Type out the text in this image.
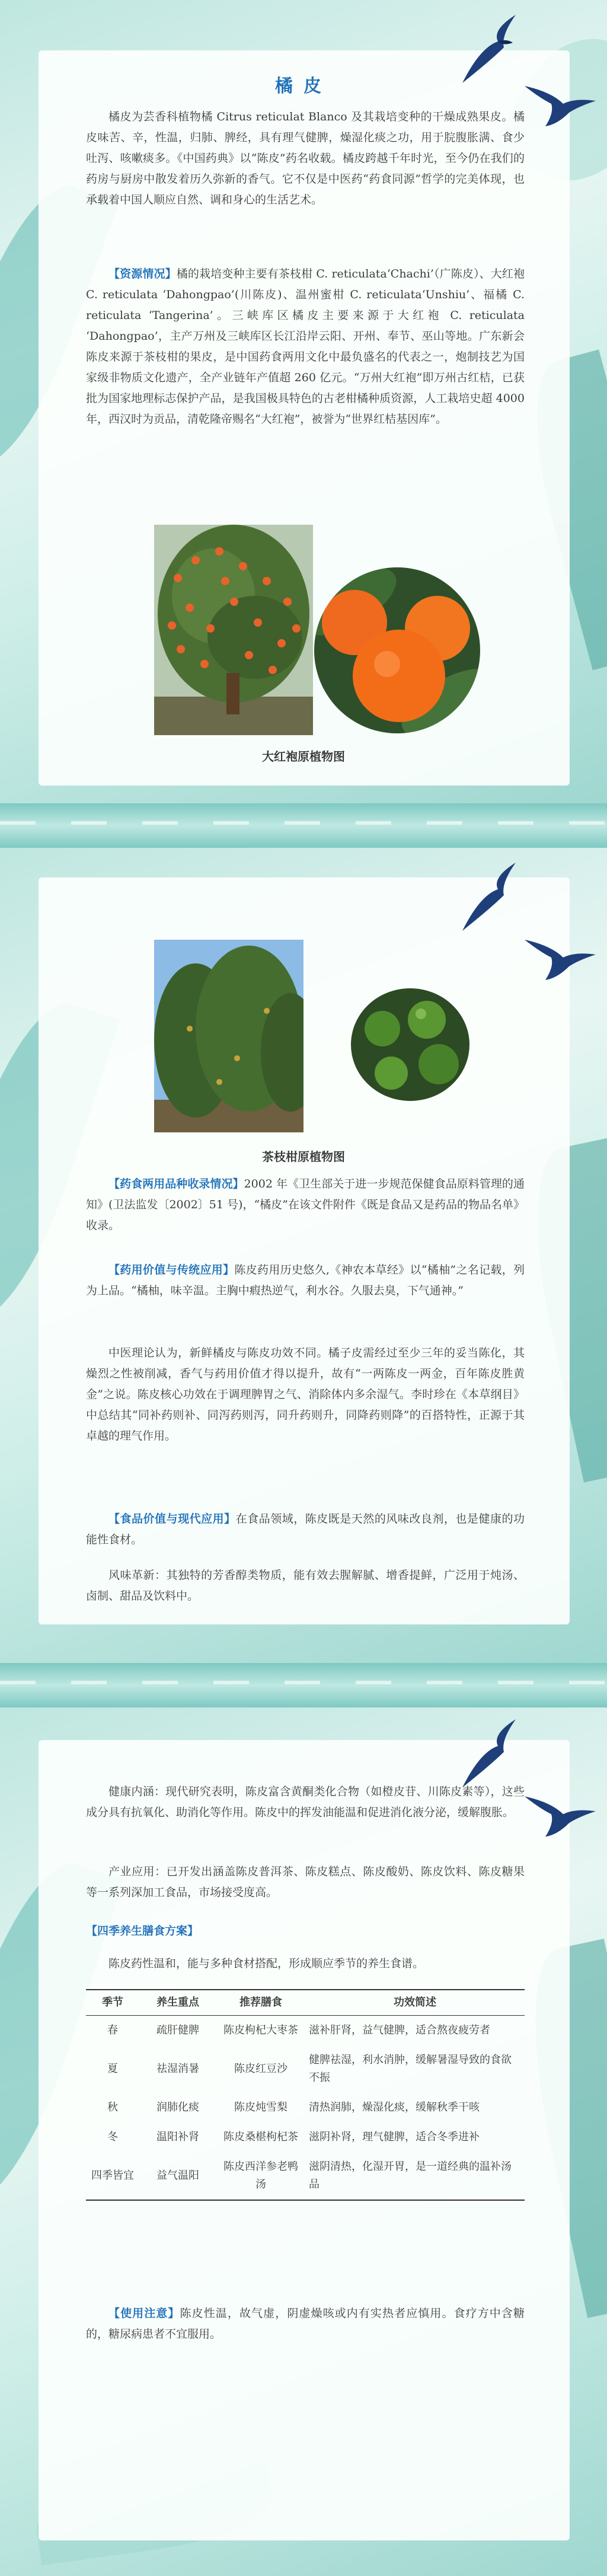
橘皮

橘皮为芸香科植物橘 Citrus reticulat Blanco 及其栽培变种的干燥成熟果皮。橘皮味苦、辛，性温，归肺、脾经，具有理气健脾，燥湿化痰之功，用于脘腹胀满、食少吐泻、咳嗽痰多。《中国药典》以“陈皮”药名收载。橘皮跨越千年时光，至今仍在我们的药房与厨房中散发着历久弥新的香气。它不仅是中医药“药食同源”哲学的完美体现，也承载着中国人顺应自然、调和身心的生活艺术。

【资源情况】橘的栽培变种主要有茶枝柑 C. reticulata‘Chachi’（广陈皮）、大红袍 C. reticulata ‘Dahongpao’(川陈皮)、温州蜜柑 C. reticulata‘Unshiu’、福橘 C. reticulata ‘Tangerina’。三峡库区橘皮主要来源于大红袍 C. reticulata ‘Dahongpao’，主产万州及三峡库区长江沿岸云阳、开州、奉节、巫山等地。广东新会陈皮来源于茶枝柑的果皮，是中国药食两用文化中最负盛名的代表之一，炮制技艺为国家级非物质文化遗产，全产业链年产值超 260 亿元。“万州大红袍”即万州古红桔，已获批为国家地理标志保护产品，是我国极具特色的古老柑橘种质资源，人工栽培史超 4000 年，西汉时为贡品，清乾隆帝赐名“大红袍”，被誉为“世界红桔基因库”。

大红袍原植物图
茶枝柑原植物图

【药食两用品种收录情况】2002 年《卫生部关于进一步规范保健食品原料管理的通知》(卫法监发〔2002〕51 号)，“橘皮”在该文件附件《既是食品又是药品的物品名单》收录。

【药用价值与传统应用】陈皮药用历史悠久,《神农本草经》以“橘柚”之名记载，列为上品。“橘柚，味辛温。主胸中瘕热逆气，利水谷。久服去臭，下气通神。”

中医理论认为，新鲜橘皮与陈皮功效不同。橘子皮需经过至少三年的妥当陈化，其燥烈之性被削减，香气与药用价值才得以提升，故有“一两陈皮一两金，百年陈皮胜黄金”之说。陈皮核心功效在于调理脾胃之气、消除体内多余湿气。李时珍在《本草纲目》中总结其“同补药则补、同泻药则泻，同升药则升，同降药则降”的百搭特性，正源于其卓越的理气作用。

【食品价值与现代应用】在食品领域，陈皮既是天然的风味改良剂，也是健康的功能性食材。

风味革新：其独特的芳香醇类物质，能有效去腥解腻、增香提鲜，广泛用于炖汤、卤制、甜品及饮料中。

健康内涵：现代研究表明，陈皮富含黄酮类化合物（如橙皮苷、川陈皮素等），这些成分具有抗氧化、助消化等作用。陈皮中的挥发油能温和促进消化液分泌，缓解腹胀。

产业应用：已开发出涵盖陈皮普洱茶、陈皮糕点、陈皮酸奶、陈皮饮料、陈皮糖果等一系列深加工食品，市场接受度高。

【四季养生膳食方案】

陈皮药性温和，能与多种食材搭配，形成顺应季节的养生食谱。

季节	养生重点	推荐膳食	功效简述
春	疏肝健脾	陈皮枸杞大枣茶	滋补肝肾，益气健脾，适合熬夜疲劳者
夏	祛湿消暑	陈皮红豆沙	健脾祛湿，利水消肿，缓解暑湿导致的食欲不振
秋	润肺化痰	陈皮炖雪梨	清热润肺，燥湿化痰，缓解秋季干咳
冬	温阳补肾	陈皮桑椹枸杞茶	滋阴补肾，理气健脾，适合冬季进补
四季皆宜	益气温阳	陈皮西洋参老鸭汤	滋阴清热，化湿开胃，是一道经典的温补汤品

【使用注意】陈皮性温，故气虚，阴虚燥咳或内有实热者应慎用。食疗方中含糖的，糖尿病患者不宜服用。
